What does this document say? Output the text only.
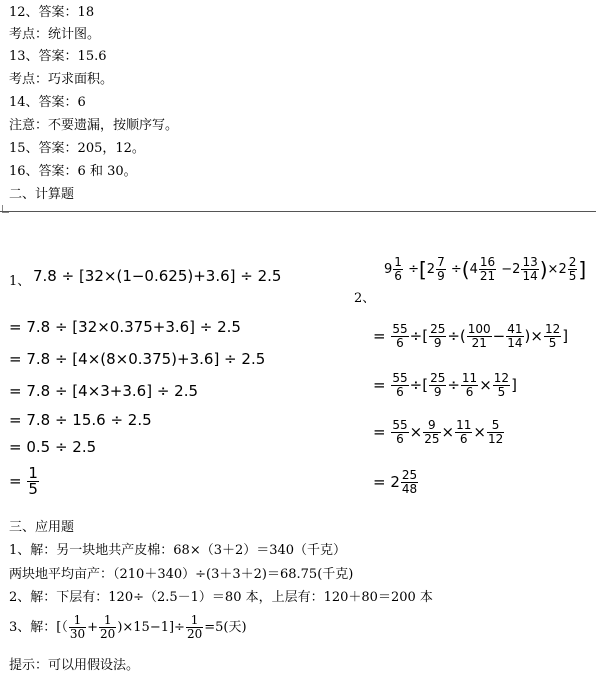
12、答案：18
考点：统计图。
13、答案：15.6
考点：巧求面积。
14、答案：6
注意：不要遗漏，按顺序写。
15、答案：205，12。
16、答案：6 和 30。
二、计算题
1、 7.8 ÷ [32×(1−0.625)+3.6] ÷ 2.5
= 7.8 ÷ [32×0.375+3.6] ÷ 2.5
= 7.8 ÷ [4×(8×0.375)+3.6] ÷ 2.5
= 7.8 ÷ [4×3+3.6] ÷ 2.5
= 7.8 ÷ 15.6 ÷ 2.5
= 0.5 ÷ 2.5
= $\frac{1}{5}$
2、
$9 \frac{1}{6} \div[2 \frac{7}{9} \div(4 \frac{16}{21} -2 \frac{13}{14} )\times 2 \frac{2}{5}$ ]
= $\frac{55}{6}$ ÷[ $\frac{25}{9}$ ÷( $\frac{100}{21} - \frac{41}{14}$ )× $\frac{12}{5}$ ]
= $\frac{55}{6}$ ÷[ $\frac{25}{9} \div \frac{11}{6} \times \frac{12}{5}$ ]
= $\frac{55}{6} \times \frac{9}{25} \times \frac{11}{6} \times \frac{5}{12}$
= $2 \frac{25}{48}$
三、应用题
1、解：另一块地共产皮棉：68×（3＋2）＝340（千克）
两块地平均亩产：（210＋340）÷(3＋3＋2)＝68.75(千克)
2、解：下层有：120÷（2.5－1）＝80 本，上层有：120＋80＝200 本
3、解：[（ $\frac{1}{30} + \frac{1}{20} )\times 15-1]\div \frac{1}{20} =5$(天)
提示：可以用假设法。
